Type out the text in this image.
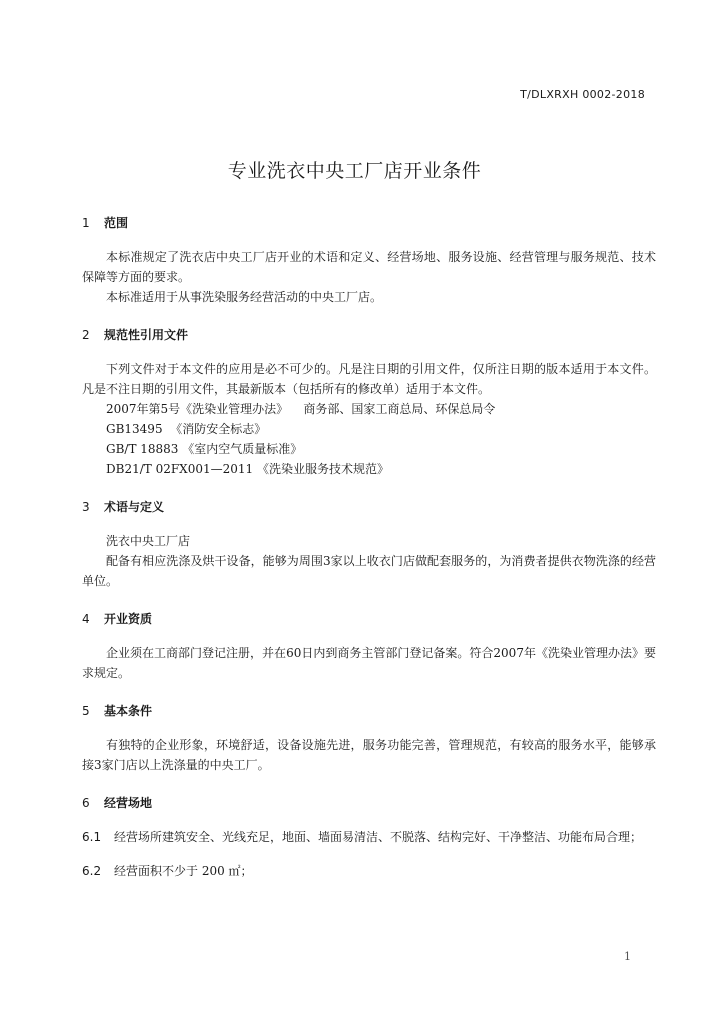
T/DLXRXH 0002-2018
专业洗衣中央工厂店开业条件
1 范围

本标准规定了洗衣店中央工厂店开业的术语和定义、经营场地、服务设施、经营管理与服务规范、技术保障等方面的要求。

本标准适用于从事洗染服务经营活动的中央工厂店。

2 规范性引用文件

下列文件对于本文件的应用是必不可少的。凡是注日期的引用文件，仅所注日期的版本适用于本文件。凡是不注日期的引用文件，其最新版本（包括所有的修改单）适用于本文件。

2007年第5号《洗染业管理办法》    商务部、国家工商总局、环保总局令

GB13495  《消防安全标志》

GB/T 18883 《室内空气质量标准》

DB21/T 02FX001—2011 《洗染业服务技术规范》

3 术语与定义

洗衣中央工厂店

配备有相应洗涤及烘干设备，能够为周围3家以上收衣门店做配套服务的，为消费者提供衣物洗涤的经营单位。

4 开业资质

企业须在工商部门登记注册，并在60日内到商务主管部门登记备案。符合2007年《洗染业管理办法》要求规定。

5 基本条件

有独特的企业形象，环境舒适，设备设施先进，服务功能完善，管理规范，有较高的服务水平，能够承接3家门店以上洗涤量的中央工厂。

6 经营场地
6.1 经营场所建筑安全、光线充足，地面、墙面易清洁、不脱落、结构完好、干净整洁、功能布局合理；
6.2 经营面积不少于 200 ㎡；
1
